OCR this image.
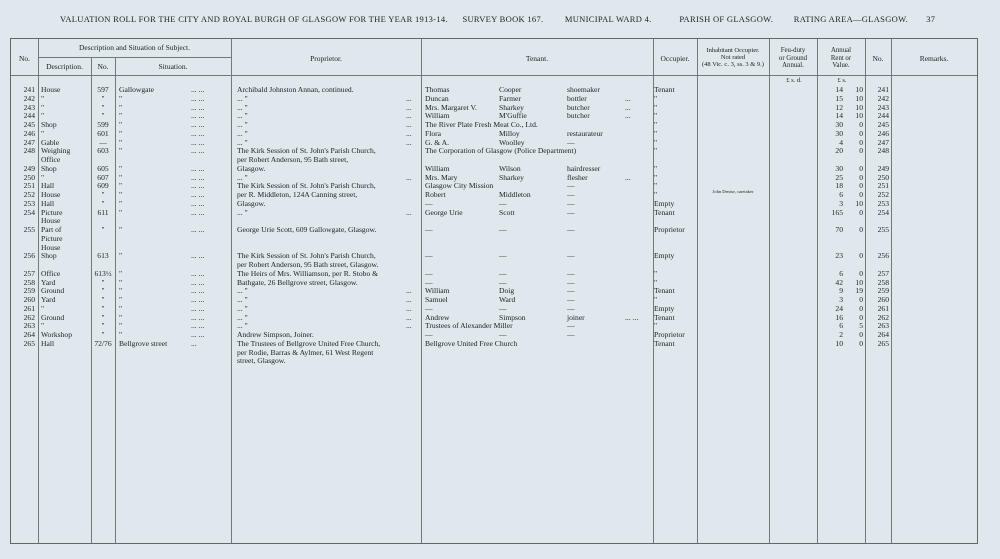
VALUATION ROLL FOR THE CITY AND ROYAL BURGH OF GLASGOW FOR THE YEAR 1913-14. SURVEY BOOK 167.	MUNICIPAL WARD 4.	PARISH OF GLASGOW. RATING AREA—GLASGOW. 37
No.
Description and Situation of Subject.
Description.	No.	Situation.
Proprietor.	Tenant.	Occupier.
Inhabitant Occupier.
Not rated
(48 Vic. c. 3, ss. 3 & 9.)
Feu-duty
or Ground
Annual.
Annual
Rent or
Value.
No.	Remarks.
£ s. d.	£ s.
241 House	597	Gallowgate	... ...	Archibald Johnston Annan, continued.	Thomas	Cooper	shoemaker	Tenant	14	10	241
242 "	"	"	... ...	... "	...	Duncan	Farmer	bottler	...	"	15	10	242
243 "	"	"	... ...	... "	...	Mrs. Margaret V.	Sharkey	butcher	...	"	12	10	243
244 "	"	"	... ...	... "	...	William	M'Guffie	butcher	...	"	14	10	244
245 Shop	599	"	... ...	... "	...	The River Plate Fresh Meat Co., Ltd.	"	30	0	245
246 "	601	"	... ...	... "	...	Flora	Milloy	restaurateur	"	30	0	246
247 Gable	—	"	... ...	... "	...	G. & A.	Woolley	—	"	4	0	247
248 Weighing	603	"	... ...	The Kirk Session of St. John's Parish Church,	The Corporation of Glasgow (Police Department)	"	20	0	248
Office	per Robert Anderson, 95 Bath street,
249 Shop	605	"	... ...	Glasgow.	William	Wilson	hairdresser	"	30	0	249
250 "	607	"	... ...	... "	...	Mrs. Mary	Sharkey	flesher	...	"	25	0	250
251 Hall	609	"	... ...	The Kirk Session of St. John's Parish Church,	Glasgow City Mission	—	"	18	0	251
252 House	"	"	... ...	per R. Middleton, 124A Canning street,	Robert	Middleton	—	"	John Denise, caretaker	6	0	252
253 Hall	"	"	... ...	Glasgow.	—	—	—	Empty	3	10	253
254 Picture	611	"	... ...	... "	...	George Urie	Scott	—	Tenant	165	0	254
House
255 Part of	"	"	... ...	George Urie Scott, 609 Gallowgate, Glasgow.	—	—	—	Proprietor	70	0	255
Picture
House
256 Shop	613	"	... ...	The Kirk Session of St. John's Parish Church,	—	—	—	Empty	23	0	256
per Robert Anderson, 95 Bath street, Glasgow.
257 Office	613½ "	... ...	The Heirs of Mrs. Williamson, per R. Stobo &	—	—	—	"	6	0	257
258 Yard	"	"	... ...	Bathgate, 26 Bellgrove street, Glasgow.	—	—	—	"	42	10	258
259 Ground	"	"	... ...	... "	...	William	Doig	—	Tenant	9	19	259
260 Yard	"	"	... ...	... "	...	Samuel	Ward	—	"	3	0	260
261 "	"	"	... ...	... "	...	—	—	—	Empty	24	0	261
262 Ground	"	"	... ...	... "	...	Andrew	Simpson	joiner	... ...	Tenant	16	0	262
263 "	"	"	... ...	... "	...	Trustees of Alexander Miller	—	"	6	5	263
264 Workshop	"	"	... ...	Andrew Simpson, Joiner.	—	—	—	Proprietor	2	0	264
265 Hall	72/76 Bellgrove street	...	The Trustees of Bellgrove United Free Church,	Bellgrove United Free Church	Tenant	10	0	265
per Rodie, Barras & Aylmer, 61 West Regent
street, Glasgow.
